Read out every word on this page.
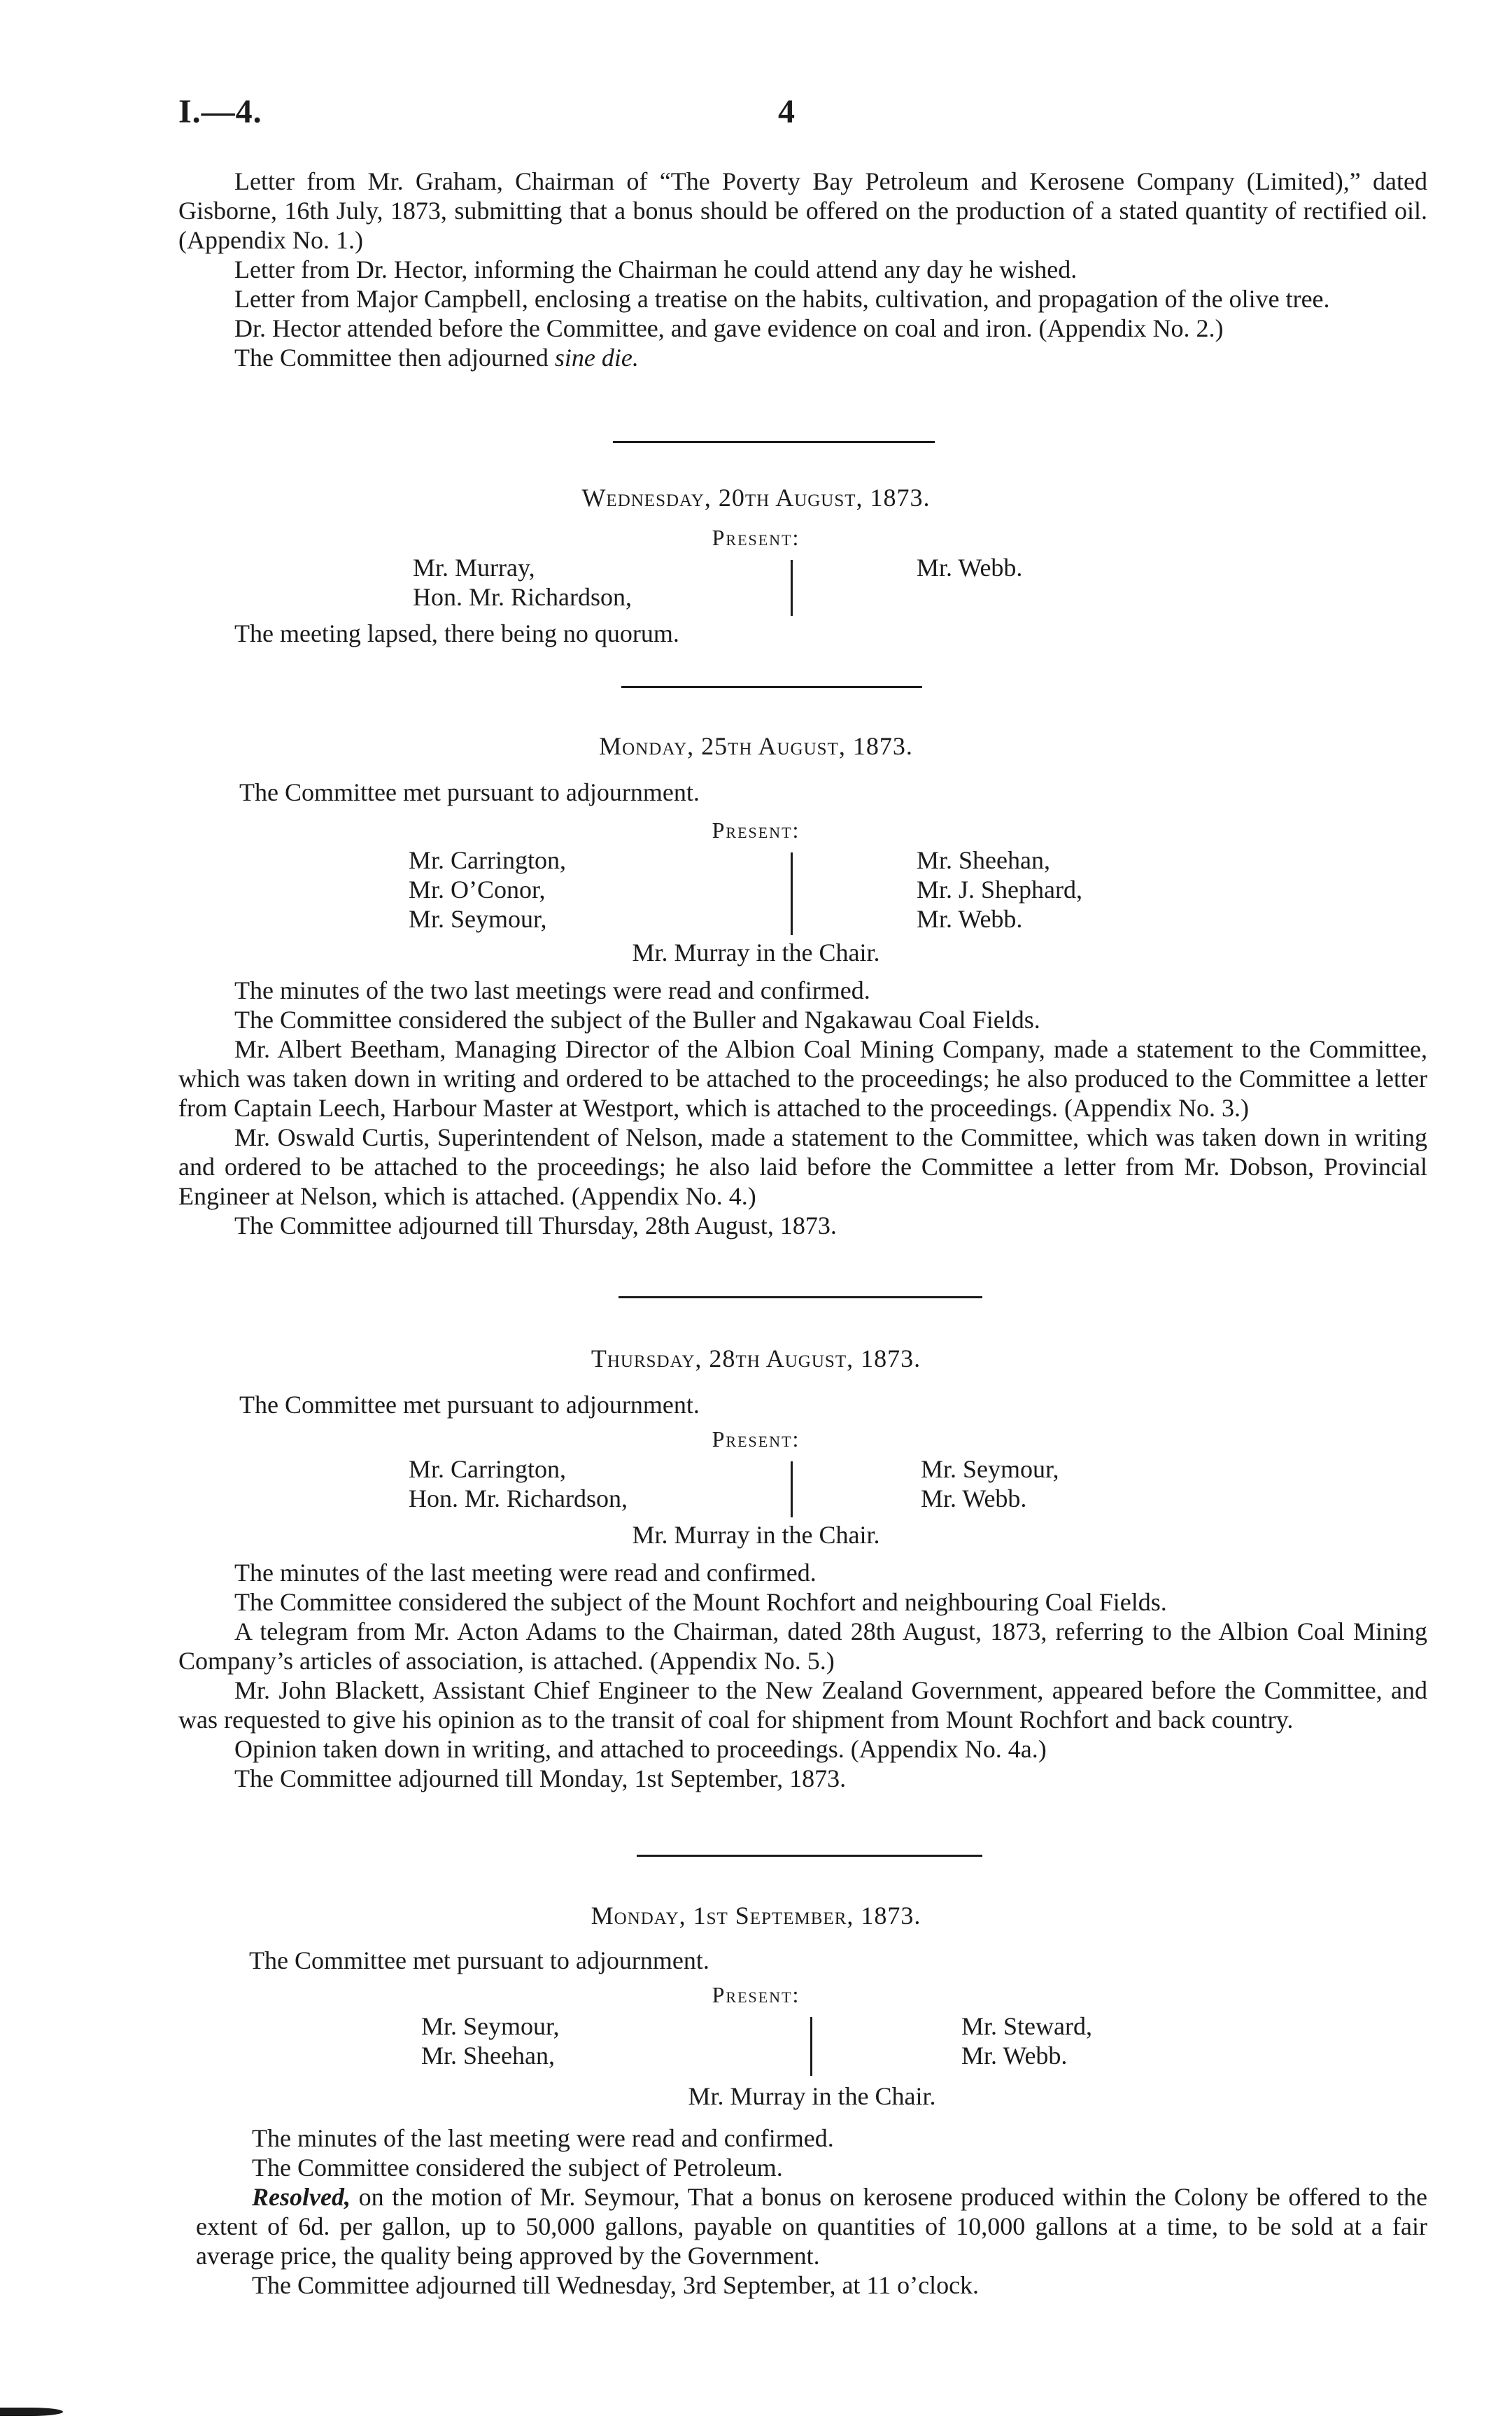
I.—4.	4

Letter from Mr. Graham, Chairman of “The Poverty Bay Petroleum and Kerosene Company (Limited),” dated Gisborne, 16th July, 1873, submitting that a bonus should be offered on the production of a stated quantity of rectified oil. (Appendix No. 1.)

Letter from Dr. Hector, informing the Chairman he could attend any day he wished.

Letter from Major Campbell, enclosing a treatise on the habits, cultivation, and propagation of the olive tree.

Dr. Hector attended before the Committee, and gave evidence on coal and iron. (Appendix No. 2.)

The Committee then adjourned sine die.

Wednesday, 20th August, 1873.
Present:
Mr. Murray,
Hon. Mr. Richardson,
Mr. Webb.

The meeting lapsed, there being no quorum.

Monday, 25th August, 1873.
The Committee met pursuant to adjournment.
Present:
Mr. Carrington,
Mr. O’Conor,
Mr. Seymour,
Mr. Sheehan,
Mr. J. Shephard,
Mr. Webb.
Mr. Murray in the Chair.

The minutes of the two last meetings were read and confirmed.

The Committee considered the subject of the Buller and Ngakawau Coal Fields.

Mr. Albert Beetham, Managing Director of the Albion Coal Mining Company, made a statement to the Committee, which was taken down in writing and ordered to be attached to the proceedings; he also produced to the Committee a letter from Captain Leech, Harbour Master at Westport, which is attached to the proceedings. (Appendix No. 3.)

Mr. Oswald Curtis, Superintendent of Nelson, made a statement to the Committee, which was taken down in writing and ordered to be attached to the proceedings; he also laid before the Committee a letter from Mr. Dobson, Provincial Engineer at Nelson, which is attached. (Appendix No. 4.)

The Committee adjourned till Thursday, 28th August, 1873.

Thursday, 28th August, 1873.
The Committee met pursuant to adjournment.
Present:
Mr. Carrington,
Hon. Mr. Richardson,
Mr. Seymour,
Mr. Webb.
Mr. Murray in the Chair.

The minutes of the last meeting were read and confirmed.

The Committee considered the subject of the Mount Rochfort and neighbouring Coal Fields.

A telegram from Mr. Acton Adams to the Chairman, dated 28th August, 1873, referring to the Albion Coal Mining Company’s articles of association, is attached. (Appendix No. 5.)

Mr. John Blackett, Assistant Chief Engineer to the New Zealand Government, appeared before the Committee, and was requested to give his opinion as to the transit of coal for shipment from Mount Rochfort and back country.

Opinion taken down in writing, and attached to proceedings. (Appendix No. 4a.)

The Committee adjourned till Monday, 1st September, 1873.

Monday, 1st September, 1873.
The Committee met pursuant to adjournment.
Present:
Mr. Seymour,
Mr. Sheehan,
Mr. Steward,
Mr. Webb.
Mr. Murray in the Chair.

The minutes of the last meeting were read and confirmed.

The Committee considered the subject of Petroleum.

Resolved, on the motion of Mr. Seymour, That a bonus on kerosene produced within the Colony be offered to the extent of 6d. per gallon, up to 50,000 gallons, payable on quantities of 10,000 gallons at a time, to be sold at a fair average price, the quality being approved by the Government.

The Committee adjourned till Wednesday, 3rd September, at 11 o’clock.
